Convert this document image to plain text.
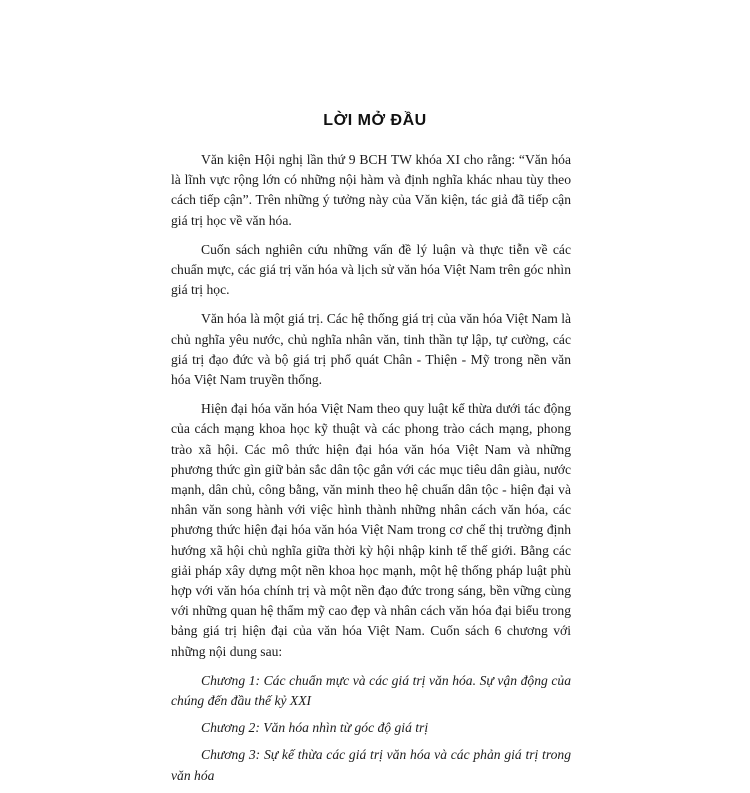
LỜI MỞ ĐẦU

Văn kiện Hội nghị lần thứ 9 BCH TW khóa XI cho rằng: “Văn hóa là lĩnh vực rộng lớn có những nội hàm và định nghĩa khác nhau tùy theo cách tiếp cận”. Trên những ý tưởng này của Văn kiện, tác giả đã tiếp cận giá trị học về văn hóa.

Cuốn sách nghiên cứu những vấn đề lý luận và thực tiễn về các chuẩn mực, các giá trị văn hóa và lịch sử văn hóa Việt Nam trên góc nhìn giá trị học.

Văn hóa là một giá trị. Các hệ thống giá trị của văn hóa Việt Nam là chủ nghĩa yêu nước, chủ nghĩa nhân văn, tinh thần tự lập, tự cường, các giá trị đạo đức và bộ giá trị phổ quát Chân - Thiện - Mỹ trong nền văn hóa Việt Nam truyền thống.

Hiện đại hóa văn hóa Việt Nam theo quy luật kế thừa dưới tác động của cách mạng khoa học kỹ thuật và các phong trào cách mạng, phong trào xã hội. Các mô thức hiện đại hóa văn hóa Việt Nam và những phương thức gìn giữ bản sắc dân tộc gắn với các mục tiêu dân giàu, nước mạnh, dân chủ, công bằng, văn minh theo hệ chuẩn dân tộc - hiện đại và nhân văn song hành với việc hình thành những nhân cách văn hóa, các phương thức hiện đại hóa văn hóa Việt Nam trong cơ chế thị trường định hướng xã hội chủ nghĩa giữa thời kỳ hội nhập kinh tế thế giới. Bằng các giải pháp xây dựng một nền khoa học mạnh, một hệ thống pháp luật phù hợp với văn hóa chính trị và một nền đạo đức trong sáng, bền vững cùng với những quan hệ thẩm mỹ cao đẹp và nhân cách văn hóa đại biểu trong bảng giá trị hiện đại của văn hóa Việt Nam. Cuốn sách 6 chương với những nội dung sau:

Chương 1: Các chuẩn mực và các giá trị văn hóa. Sự vận động của chúng đến đầu thế kỷ XXI

Chương 2: Văn hóa nhìn từ góc độ giá trị

Chương 3: Sự kế thừa các giá trị văn hóa và các phản giá trị trong văn hóa
